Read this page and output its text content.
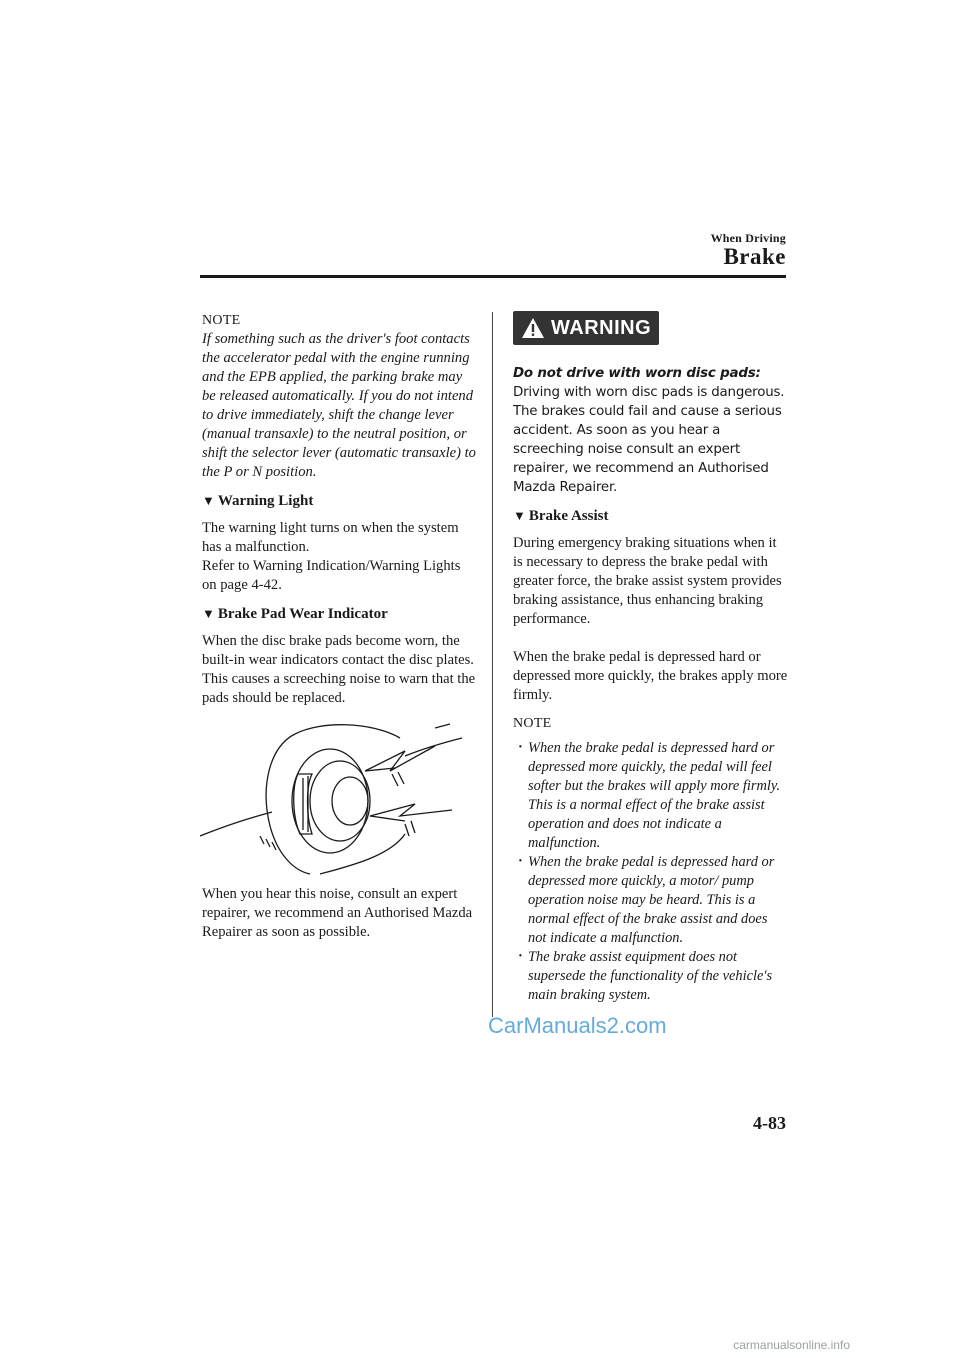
When Driving
Brake

NOTE

If something such as the driver's foot contacts the accelerator pedal with the engine running and the EPB applied, the parking brake may be released automatically. If you do not intend to drive immediately, shift the change lever (manual transaxle) to the neutral position, or shift the selector lever (automatic transaxle) to the P or N position.

▼ Warning Light

The warning light turns on when the system has a malfunction.

Refer to Warning Indication/Warning Lights on page 4-42.

▼ Brake Pad Wear Indicator

When the disc brake pads become worn, the built-in wear indicators contact the disc plates. This causes a screeching noise to warn that the pads should be replaced.

When you hear this noise, consult an expert repairer, we recommend an Authorised Mazda Repairer as soon as possible.

WARNING

Do not drive with worn disc pads:

Driving with worn disc pads is dangerous. The brakes could fail and cause a serious accident. As soon as you hear a screeching noise consult an expert repairer, we recommend an Authorised Mazda Repairer.

▼ Brake Assist

During emergency braking situations when it is necessary to depress the brake pedal with greater force, the brake assist system provides braking assistance, thus enhancing braking performance.

When the brake pedal is depressed hard or depressed more quickly, the brakes apply more firmly.

NOTE

· When the brake pedal is depressed hard or depressed more quickly, the pedal will feel softer but the brakes will apply more firmly. This is a normal effect of the brake assist operation and does not indicate a malfunction.
· When the brake pedal is depressed hard or depressed more quickly, a motor/ pump operation noise may be heard. This is a normal effect of the brake assist and does not indicate a malfunction.
· The brake assist equipment does not supersede the functionality of the vehicle's main braking system.
CarManuals2.com
4-83
carmanualsonline.info
